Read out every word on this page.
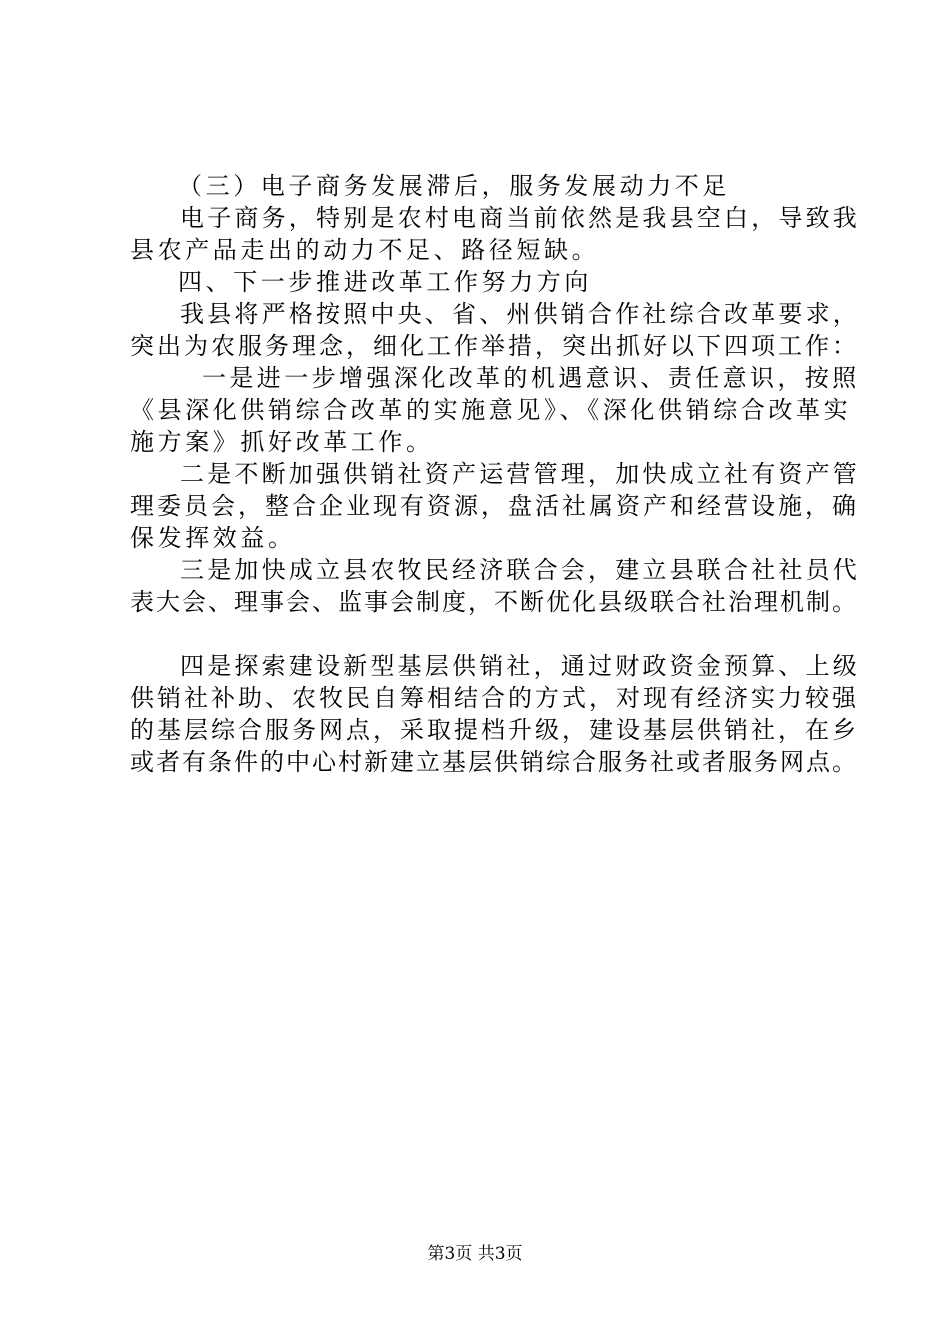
（三）电子商务发展滞后，服务发展动力不足
电子商务，特别是农村电商当前依然是我县空白，导致我
县农产品走出的动力不足、路径短缺。
四、下一步推进改革工作努力方向
我县将严格按照中央、省、州供销合作社综合改革要求，
突出为农服务理念，细化工作举措，突出抓好以下四项工作：
一是进一步增强深化改革的机遇意识、责任意识，按照
《县深化供销综合改革的实施意见》、《深化供销综合改革实
施方案》抓好改革工作。
二是不断加强供销社资产运营管理，加快成立社有资产管
理委员会，整合企业现有资源，盘活社属资产和经营设施，确
保发挥效益。
三是加快成立县农牧民经济联合会，建立县联合社社员代
表大会、理事会、监事会制度，不断优化县级联合社治理机制。
四是探索建设新型基层供销社，通过财政资金预算、上级
供销社补助、农牧民自筹相结合的方式，对现有经济实力较强
的基层综合服务网点，采取提档升级，建设基层供销社，在乡
或者有条件的中心村新建立基层供销综合服务社或者服务网点。
第3页 共3页
